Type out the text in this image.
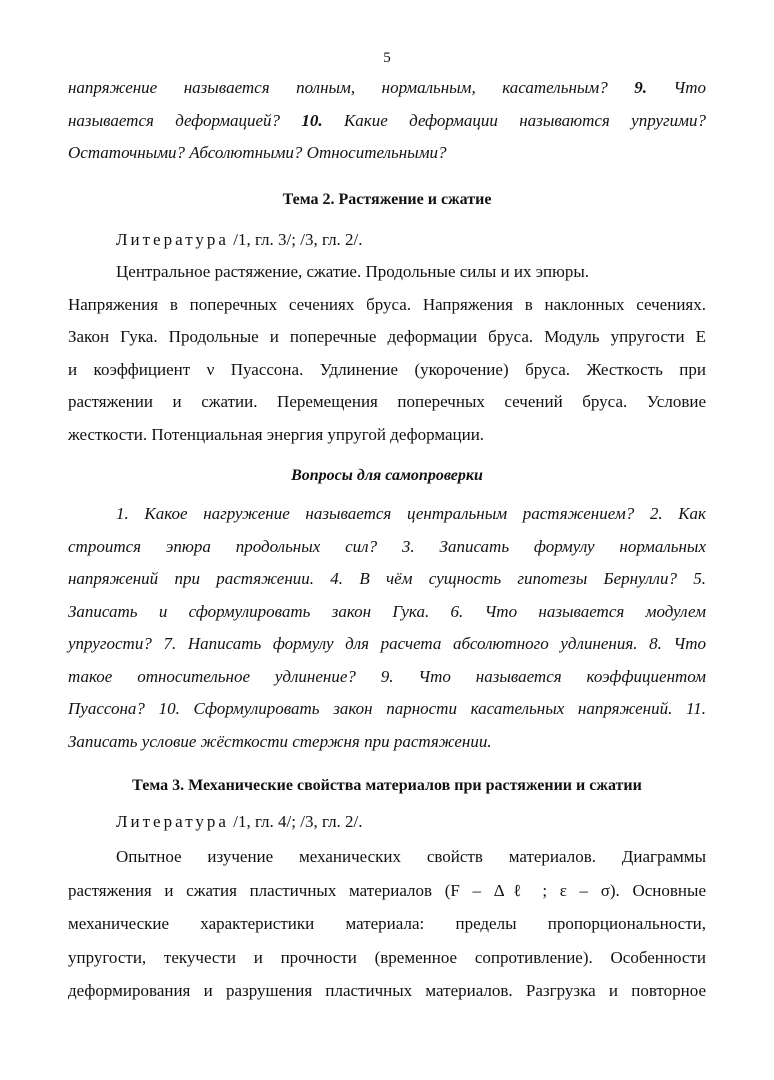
5
напряжение называется полным, нормальным, касательным? 9. Что
называется деформацией? 10. Какие деформации называются упругими?
Остаточными? Абсолютными? Относительными?
Тема 2. Растяжение и сжатие
Литература /1, гл. 3/; /3, гл. 2/.
Центральное растяжение, сжатие. Продольные силы и их эпюры.
Напряжения в поперечных сечениях бруса. Напряжения в наклонных сечениях.
Закон Гука. Продольные и поперечные деформации бруса. Модуль упругости E
и коэффициент ν Пуассона. Удлинение (укорочение) бруса. Жесткость при
растяжении и сжатии. Перемещения поперечных сечений бруса. Условие
жесткости. Потенциальная энергия упругой деформации.
Вопросы для самопроверки
1. Какое нагружение называется центральным растяжением? 2. Как
строится эпюра продольных сил? 3. Записать формулу нормальных
напряжений при растяжении. 4. В чём сущность гипотезы Бернулли? 5.
Записать и сформулировать закон Гука. 6. Что называется модулем
упругости? 7. Написать формулу для расчета абсолютного удлинения. 8. Что
такое относительное удлинение? 9. Что называется коэффициентом
Пуассона? 10. Сформулировать закон парности касательных напряжений. 11.
Записать условие жёсткости стержня при растяжении.
Тема 3. Механические свойства материалов при растяжении и сжатии
Литература /1, гл. 4/; /3, гл. 2/.
Опытное изучение механических свойств материалов. Диаграммы
растяжения и сжатия пластичных материалов (F – Δℓ ; ε – σ). Основные
механические характеристики материала: пределы пропорциональности,
упругости, текучести и прочности (временное сопротивление). Особенности
деформирования и разрушения пластичных материалов. Разгрузка и повторное
